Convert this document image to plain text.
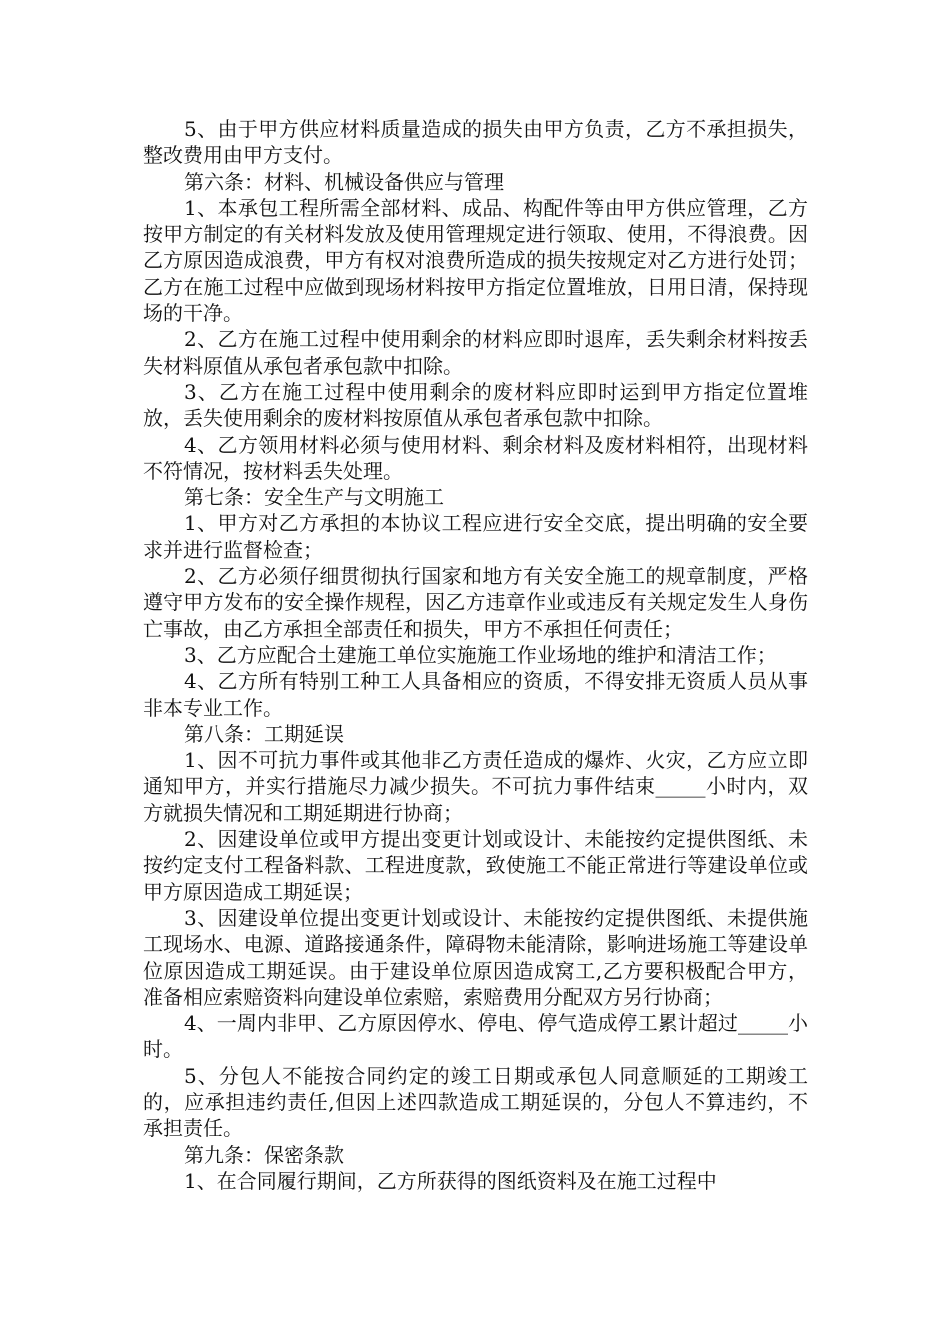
5、由于甲方供应材料质量造成的损失由甲方负责，乙方不承担损失，整改费用由甲方支付。

第六条：材料、机械设备供应与管理

1、本承包工程所需全部材料、成品、构配件等由甲方供应管理，乙方按甲方制定的有关材料发放及使用管理规定进行领取、使用，不得浪费。因乙方原因造成浪费，甲方有权对浪费所造成的损失按规定对乙方进行处罚；乙方在施工过程中应做到现场材料按甲方指定位置堆放，日用日清，保持现场的干净。

2、乙方在施工过程中使用剩余的材料应即时退库，丢失剩余材料按丢失材料原值从承包者承包款中扣除。

3、乙方在施工过程中使用剩余的废材料应即时运到甲方指定位置堆放，丢失使用剩余的废材料按原值从承包者承包款中扣除。

4、乙方领用材料必须与使用材料、剩余材料及废材料相符，出现材料不符情况，按材料丢失处理。

第七条：安全生产与文明施工

1、甲方对乙方承担的本协议工程应进行安全交底，提出明确的安全要求并进行监督检查；

2、乙方必须仔细贯彻执行国家和地方有关安全施工的规章制度，严格遵守甲方发布的安全操作规程，因乙方违章作业或违反有关规定发生人身伤亡事故，由乙方承担全部责任和损失，甲方不承担任何责任；

3、乙方应配合土建施工单位实施施工作业场地的维护和清洁工作；

4、乙方所有特别工种工人具备相应的资质，不得安排无资质人员从事非本专业工作。

第八条：工期延误

1、因不可抗力事件或其他非乙方责任造成的爆炸、火灾，乙方应立即通知甲方，并实行措施尽力减少损失。不可抗力事件结束_____小时内，双方就损失情况和工期延期进行协商；

2、因建设单位或甲方提出变更计划或设计、未能按约定提供图纸、未按约定支付工程备料款、工程进度款，致使施工不能正常进行等建设单位或甲方原因造成工期延误；

3、因建设单位提出变更计划或设计、未能按约定提供图纸、未提供施工现场水、电源、道路接通条件，障碍物未能清除，影响进场施工等建设单位原因造成工期延误。由于建设单位原因造成窝工,乙方要积极配合甲方，准备相应索赔资料向建设单位索赔，索赔费用分配双方另行协商；

4、一周内非甲、乙方原因停水、停电、停气造成停工累计超过_____小时。

5、分包人不能按合同约定的竣工日期或承包人同意顺延的工期竣工的，应承担违约责任,但因上述四款造成工期延误的，分包人不算违约，不承担责任。

第九条：保密条款

1、在合同履行期间，乙方所获得的图纸资料及在施工过程中
